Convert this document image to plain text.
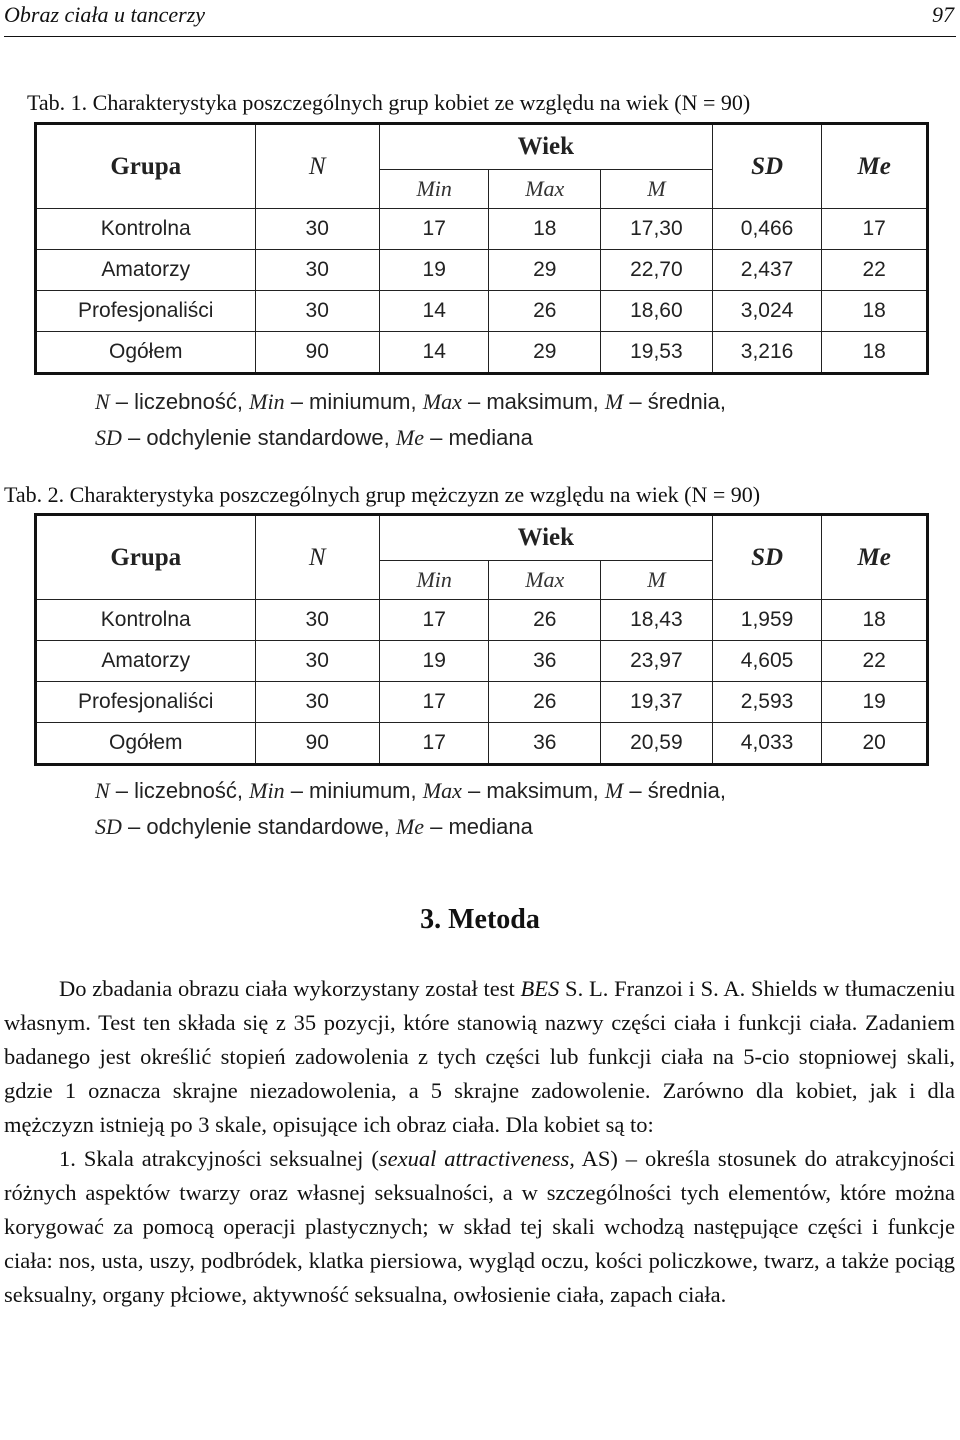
Obraz ciała u tancerzy	97
Tab. 1. Charakterystyka poszczególnych grup kobiet ze względu na wiek (N = 90)
Grupa	N	Wiek			SD	Me
		Min	Max	M		
Kontrolna	30	17	18	17,30	0,466	17
Amatorzy	30	19	29	22,70	2,437	22
Profesjonaliści	30	14	26	18,60	3,024	18
Ogółem	90	14	29	19,53	3,216	18
N – liczebność, Min – miniumum, Max – maksimum, M – średnia,
SD – odchylenie standardowe, Me – mediana
Tab. 2. Charakterystyka poszczególnych grup mężczyzn ze względu na wiek (N = 90)
Grupa	N	Wiek			SD	Me
		Min	Max	M		
Kontrolna	30	17	26	18,43	1,959	18
Amatorzy	30	19	36	23,97	4,605	22
Profesjonaliści	30	17	26	19,37	2,593	19
Ogółem	90	17	36	20,59	4,033	20
N – liczebność, Min – miniumum, Max – maksimum, M – średnia,
SD – odchylenie standardowe, Me – mediana
3. Metoda

Do zbadania obrazu ciała wykorzystany został test BES S. L. Franzoi i S. A. Shields w tłumaczeniu własnym. Test ten składa się z 35 pozycji, które stanowią nazwy części ciała i funkcji ciała. Zadaniem badanego jest określić stopień zadowolenia z tych części lub funkcji ciała na 5-cio stopniowej skali, gdzie 1 oznacza skrajne niezadowolenia, a 5 skrajne zadowolenie. Zarówno dla kobiet, jak i dla mężczyzn istnieją po 3 skale, opisujące ich obraz ciała. Dla kobiet są to:

1. Skala atrakcyjności seksualnej (sexual attractiveness, AS) – określa stosunek do atrakcyjności różnych aspektów twarzy oraz własnej seksualności, a w szczególności tych elementów, które można korygować za pomocą operacji plastycznych; w skład tej skali wchodzą następujące części i funkcje ciała: nos, usta, uszy, podbródek, klatka piersiowa, wygląd oczu, kości policzkowe, twarz, a także pociąg seksualny, organy płciowe, aktywność seksualna, owłosienie ciała, zapach ciała.
